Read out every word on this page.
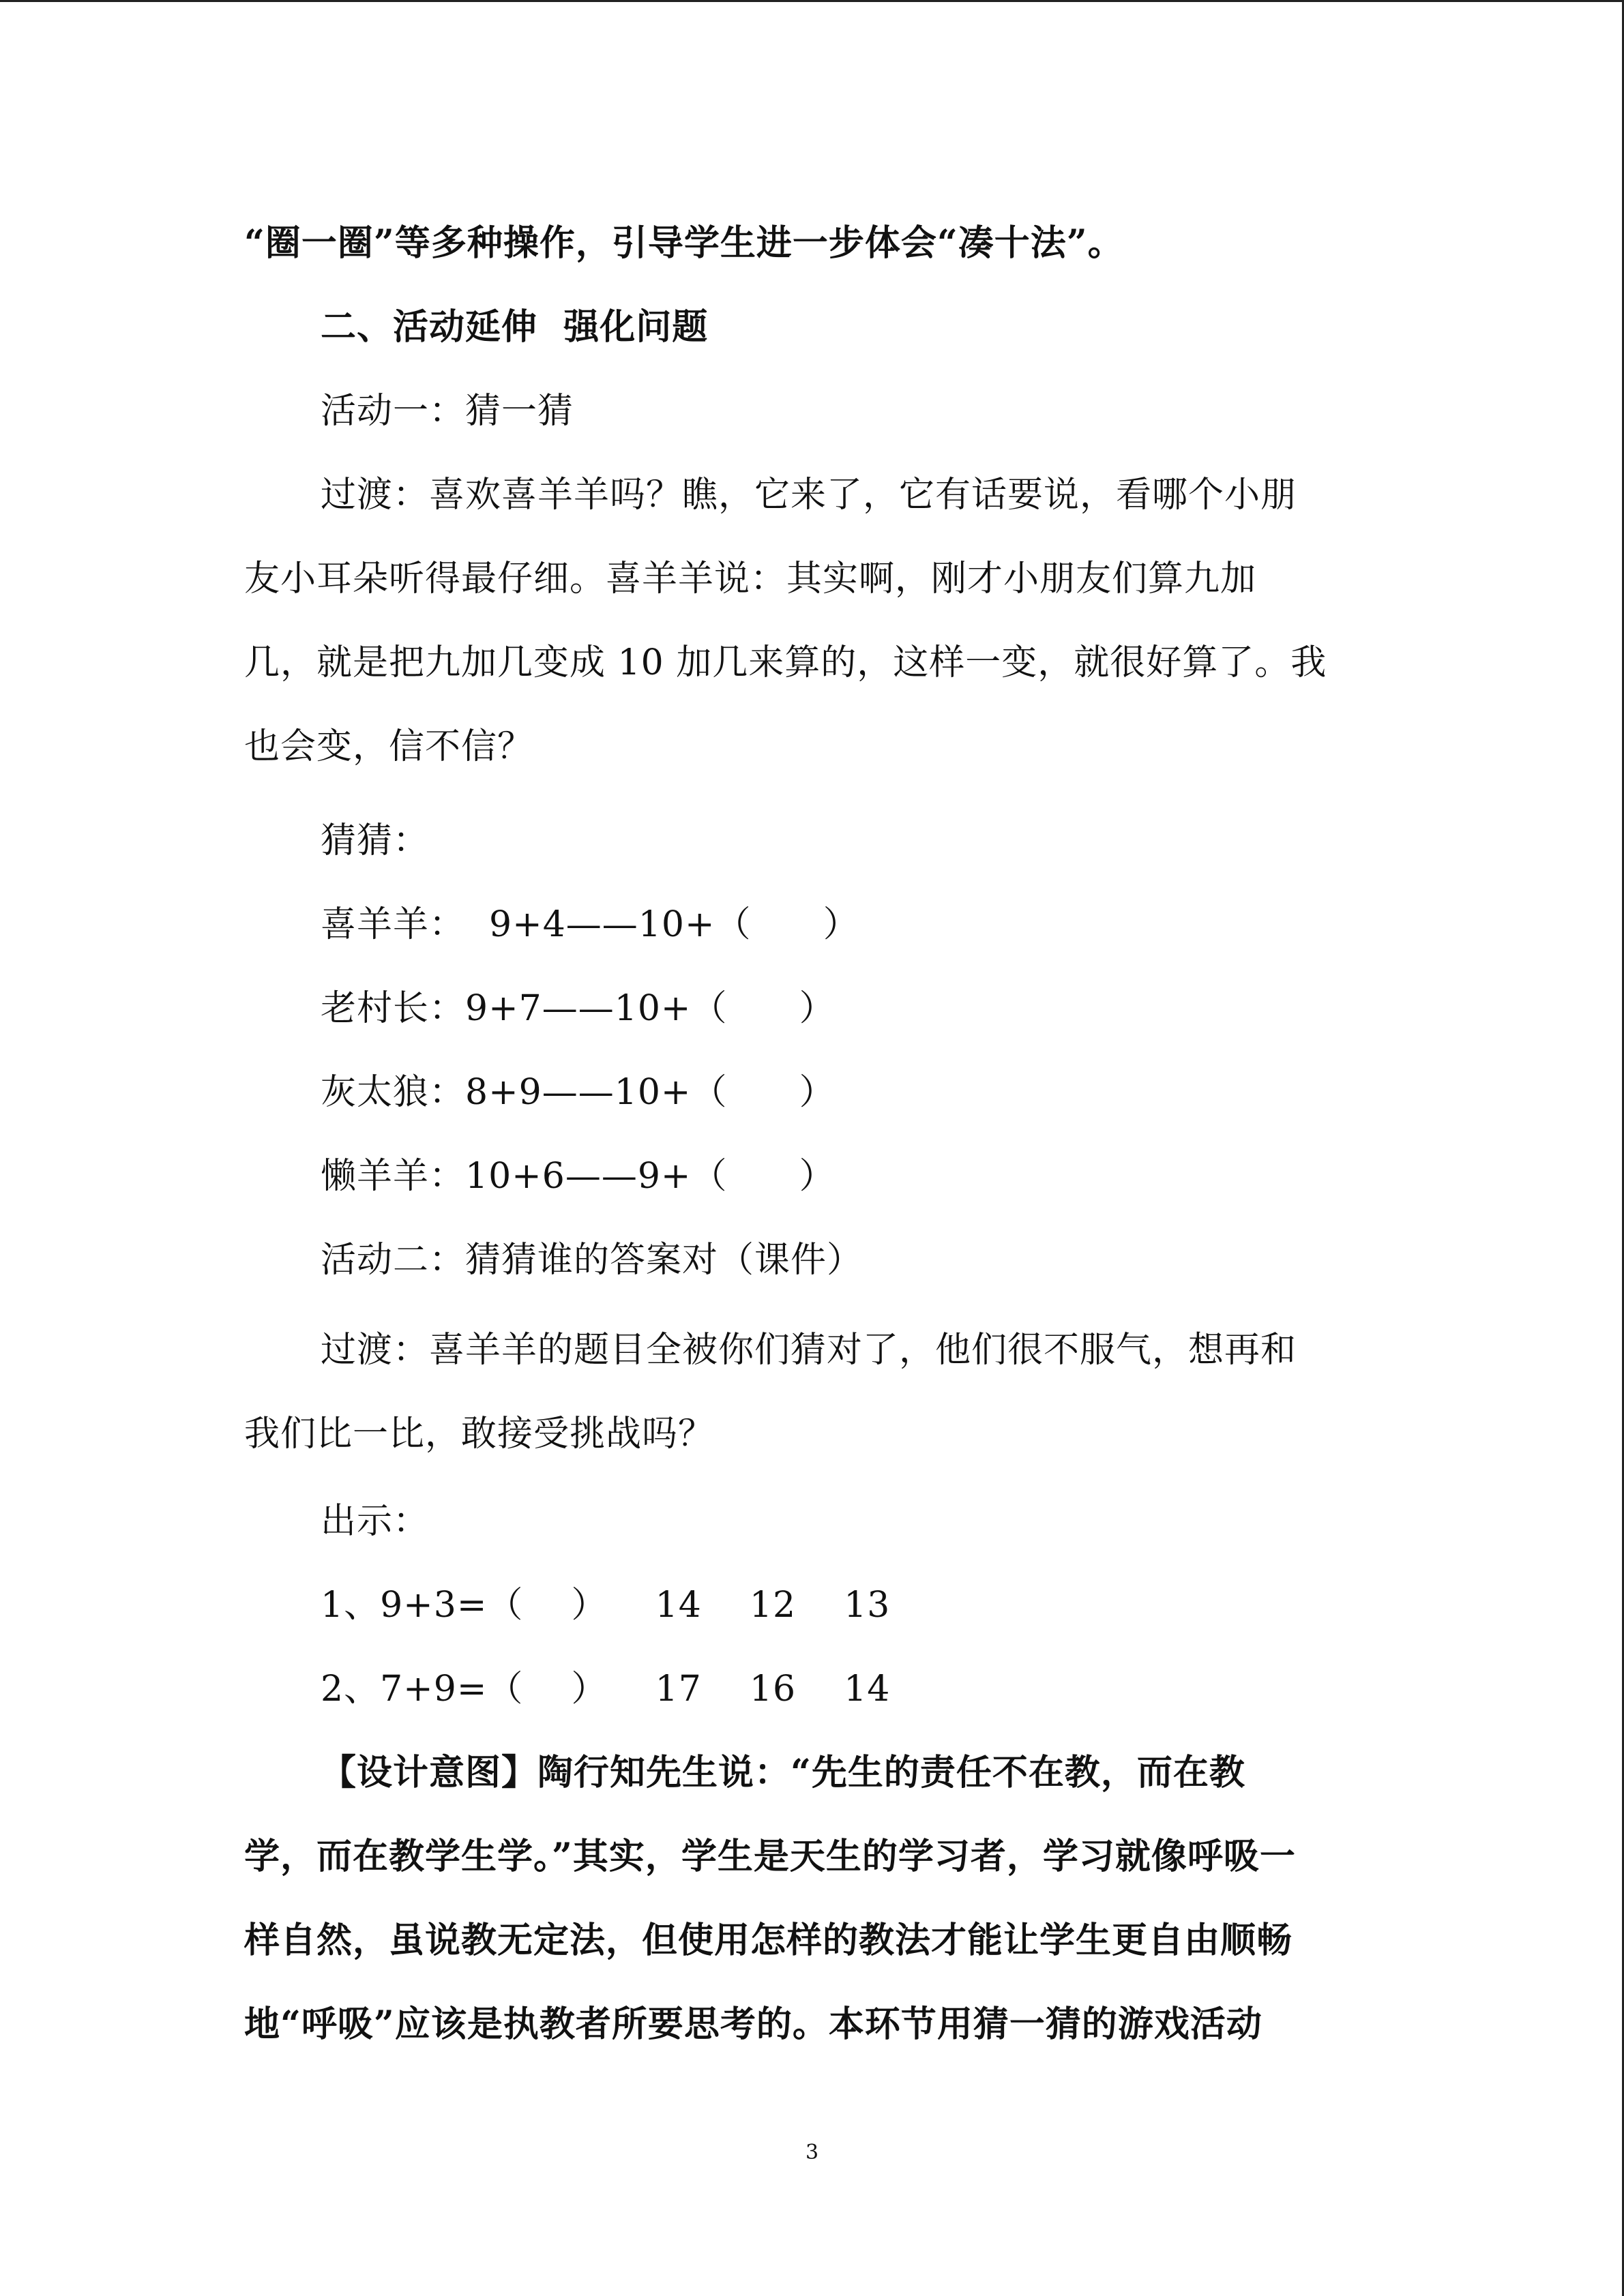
“圈一圈”等多种操作，引导学生进一步体会“凑十法”。

二、活动延伸  强化问题

活动一：猜一猜

过渡：喜欢喜羊羊吗？瞧，它来了，它有话要说，看哪个小朋

友小耳朵听得最仔细。喜羊羊说：其实啊，刚才小朋友们算九加

几，就是把九加几变成 10 加几来算的，这样一变，就很好算了。我

也会变，信不信？

猜猜：

喜羊羊：  9+4——10+（      ）

老村长：9+7——10+（      ）

灰太狼：8+9——10+（      ）

懒羊羊：10+6——9+（      ）

活动二：猜猜谁的答案对（课件）

过渡：喜羊羊的题目全被你们猜对了，他们很不服气，想再和

我们比一比，敢接受挑战吗？

出示：

1、9+3=（    ）    14    12    13

2、7+9=（    ）    17    16    14

【设计意图】陶行知先生说：“先生的责任不在教，而在教

学，而在教学生学。”其实，学生是天生的学习者，学习就像呼吸一

样自然，虽说教无定法，但使用怎样的教法才能让学生更自由顺畅

地“呼吸”应该是执教者所要思考的。本环节用猜一猜的游戏活动

3
